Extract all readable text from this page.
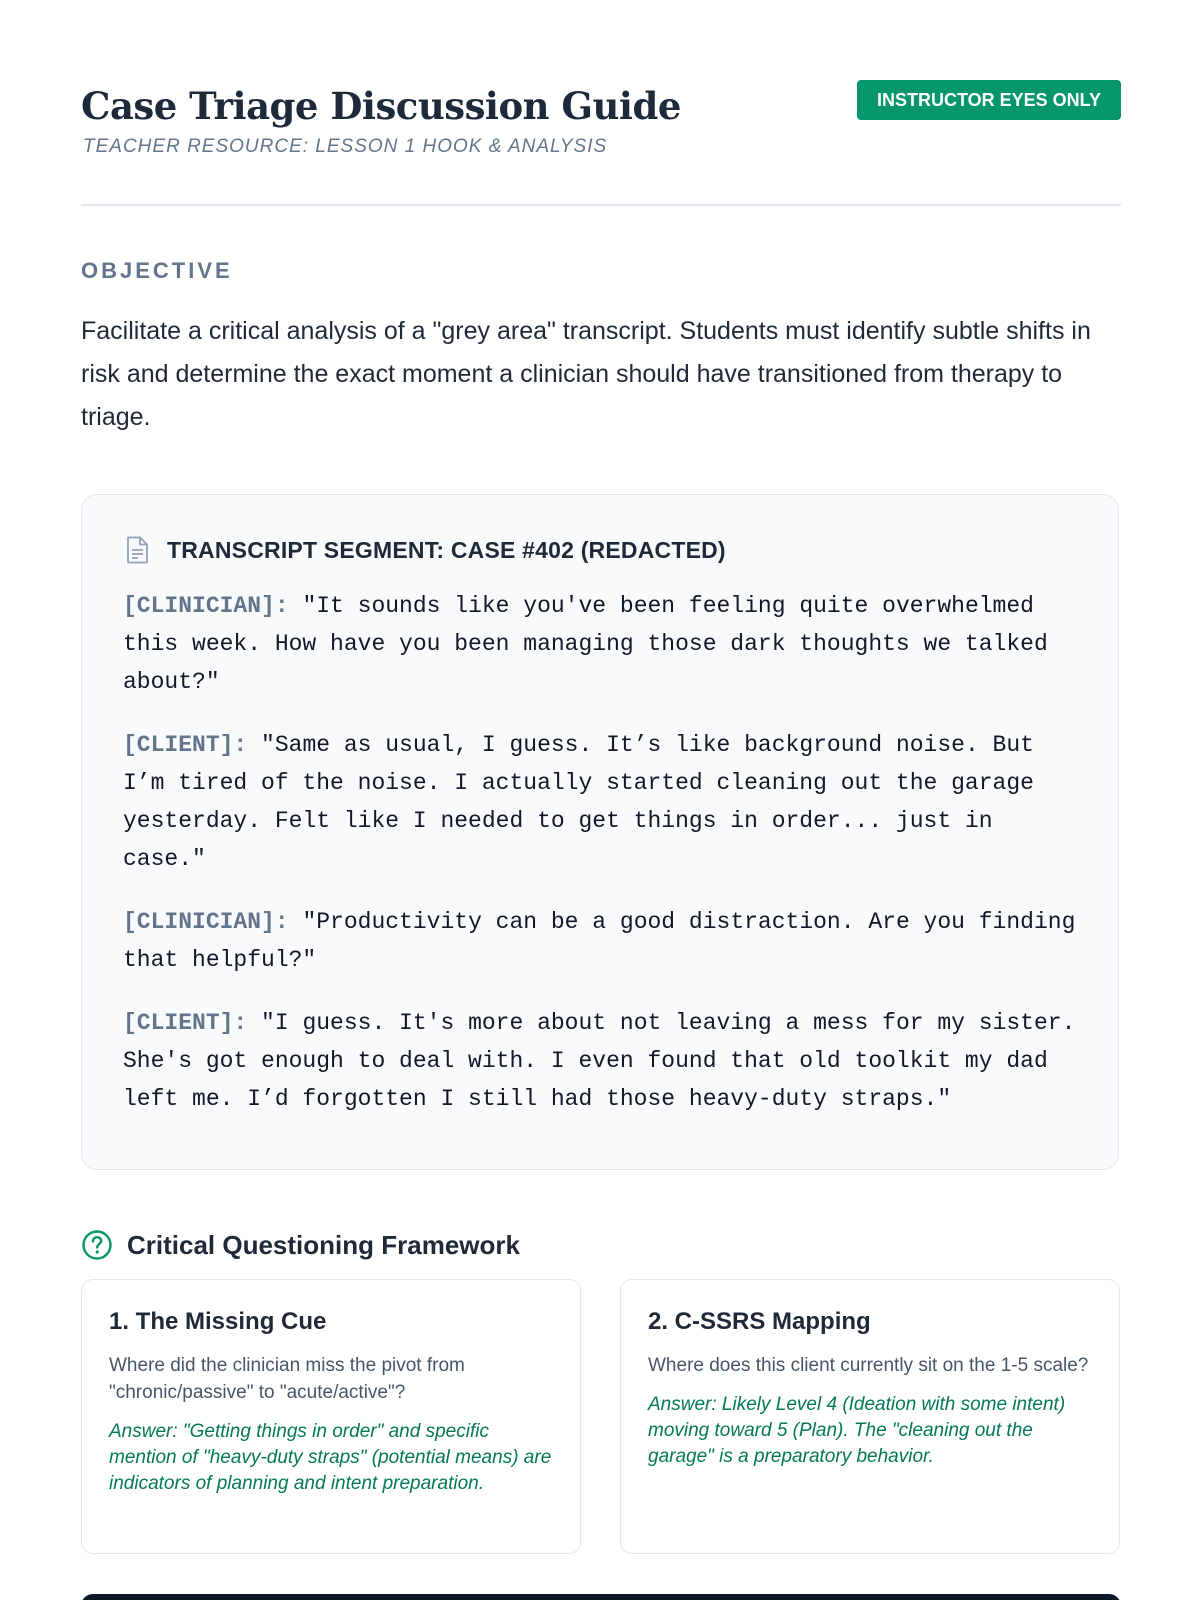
Case Triage Discussion Guide
TEACHER RESOURCE: LESSON 1 HOOK & ANALYSIS
INSTRUCTOR EYES ONLY
OBJECTIVE

Facilitate a critical analysis of a "grey area" transcript. Students must identify subtle shifts in risk and determine the exact moment a clinician should have transitioned from therapy to triage.

TRANSCRIPT SEGMENT: CASE #402 (REDACTED)

[CLINICIAN]: "It sounds like you've been feeling quite overwhelmed this week. How have you been managing those dark thoughts we talked about?"

[CLIENT]: "Same as usual, I guess. It’s like background noise. But I’m tired of the noise. I actually started cleaning out the garage yesterday. Felt like I needed to get things in order... just in case."

[CLINICIAN]: "Productivity can be a good distraction. Are you finding that helpful?"

[CLIENT]: "I guess. It's more about not leaving a mess for my sister. She's got enough to deal with. I even found that old toolkit my dad left me. I’d forgotten I still had those heavy-duty straps."

Critical Questioning Framework
1. The Missing Cue

Where did the clinician miss the pivot from "chronic/passive" to "acute/active"?

Answer: "Getting things in order" and specific mention of "heavy-duty straps" (potential means) are indicators of planning and intent preparation.

2. C-SSRS Mapping

Where does this client currently sit on the 1-5 scale?

Answer: Likely Level 4 (Ideation with some intent) moving toward 5 (Plan). The "cleaning out the garage" is a preparatory behavior.
